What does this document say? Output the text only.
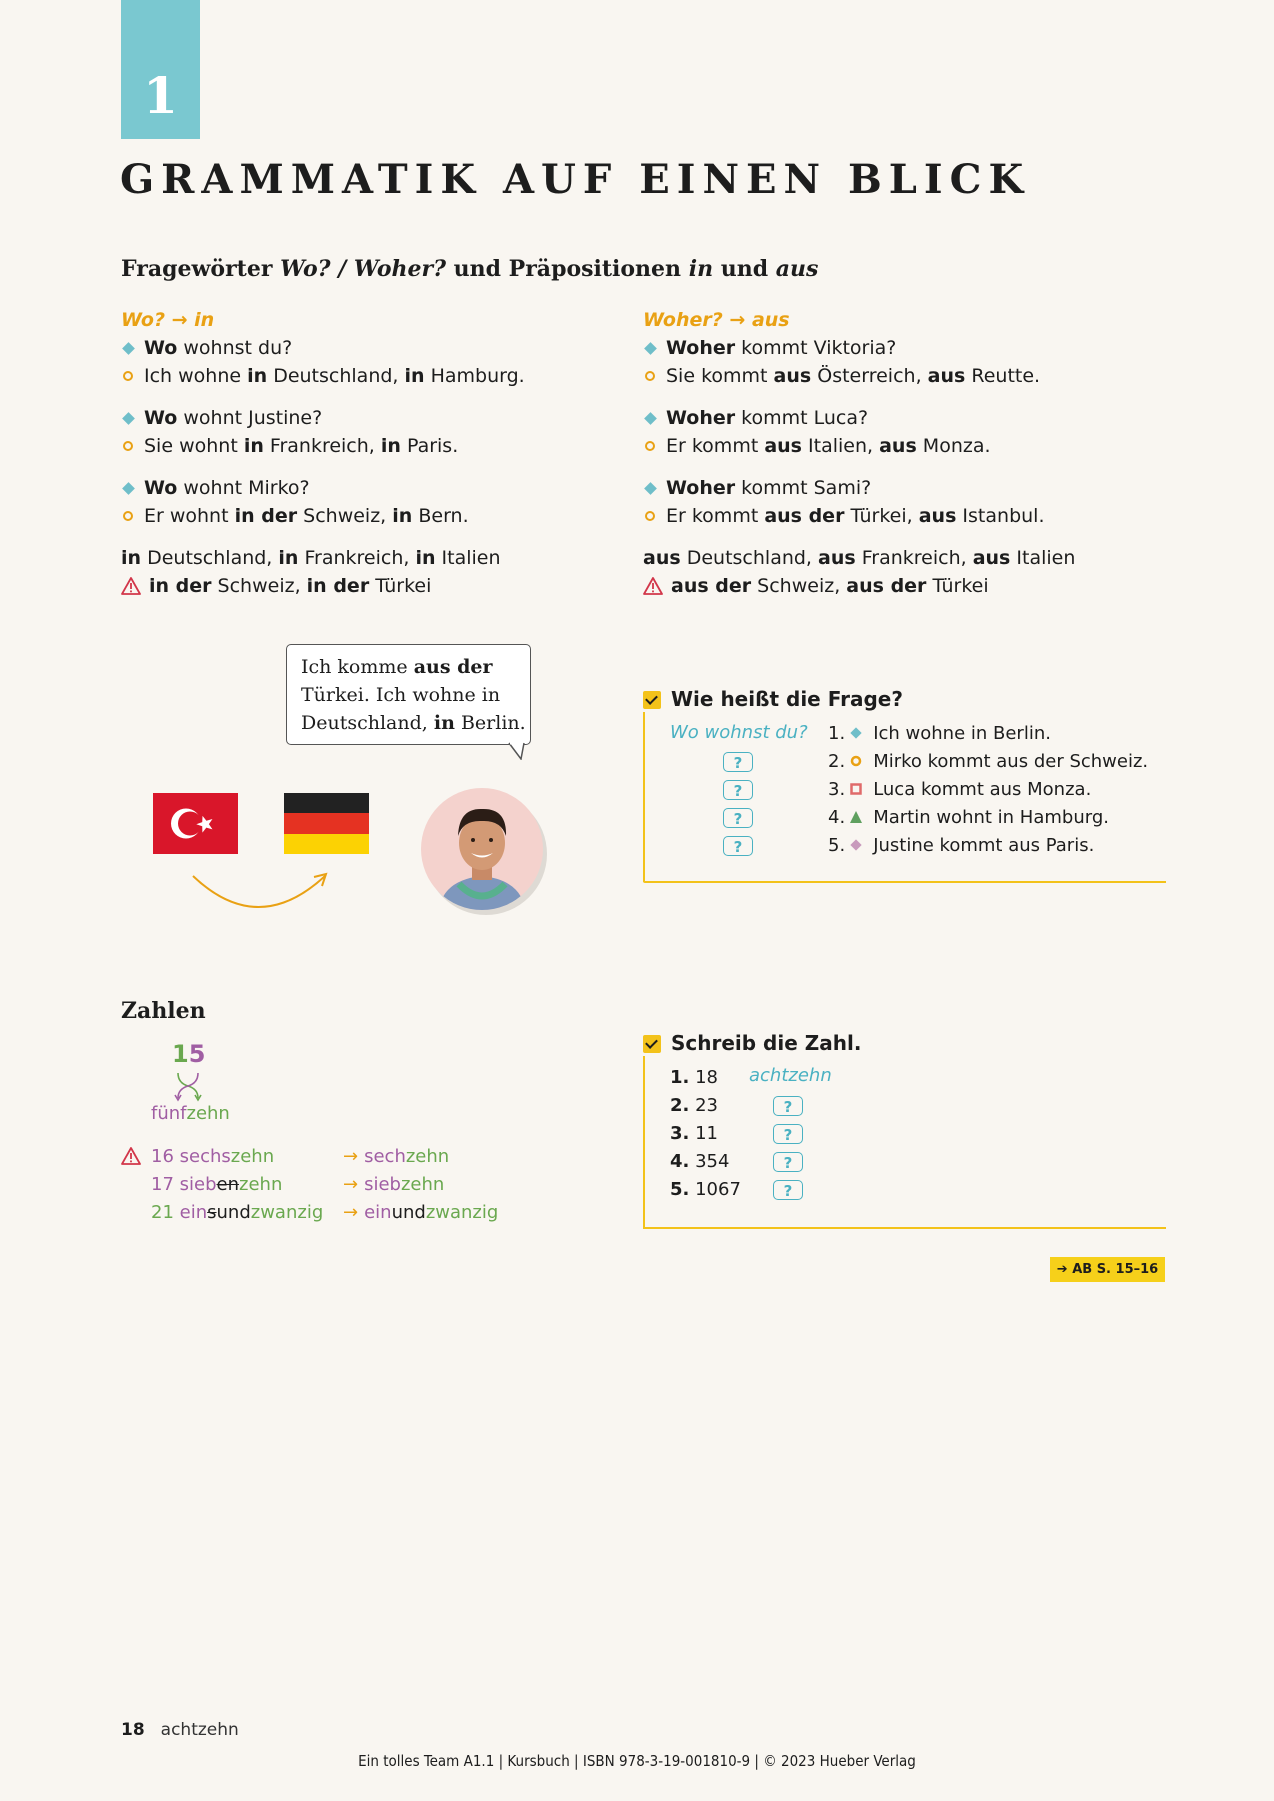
1
GRAMMATIK AUF EINEN BLICK
Fragewörter Wo? / Woher? und Präpositionen in und aus
Wo? → in
Wo wohnst du?
Ich wohne in Deutschland, in Hamburg.
Wo wohnt Justine?
Sie wohnt in Frankreich, in Paris.
Wo wohnt Mirko?
Er wohnt in der Schweiz, in Bern.
in Deutschland, in Frankreich, in Italien
in der Schweiz, in der Türkei
Woher? → aus
Woher kommt Viktoria?
Sie kommt aus Österreich, aus Reutte.
Woher kommt Luca?
Er kommt aus Italien, aus Monza.
Woher kommt Sami?
Er kommt aus der Türkei, aus Istanbul.
aus Deutschland, aus Frankreich, aus Italien
aus der Schweiz, aus der Türkei
Ich komme aus der
Türkei. Ich wohne in
Deutschland, in Berlin.
Wie heißt die Frage?
Wo wohnst du? 1. Ich wohne in Berlin.
?	2. Mirko kommt aus der Schweiz.
?	3. Luca kommt aus Monza.
?	4. Martin wohnt in Hamburg.
?	5. Justine kommt aus Paris.
Zahlen
15
fünfzehn
16 sechszehn	→ sechzehn
17 siebenzehn	→ siebzehn
21 einsundzwanzig	→ einundzwanzig
Schreib die Zahl.
1. 18 achtzehn
2. 23	?
3. 11	?
4. 354	?
5. 1067	?
➔ AB S. 15–16
18 achtzehn
Ein tolles Team A1.1 | Kursbuch | ISBN 978-3-19-001810-9 | © 2023 Hueber Verlag
